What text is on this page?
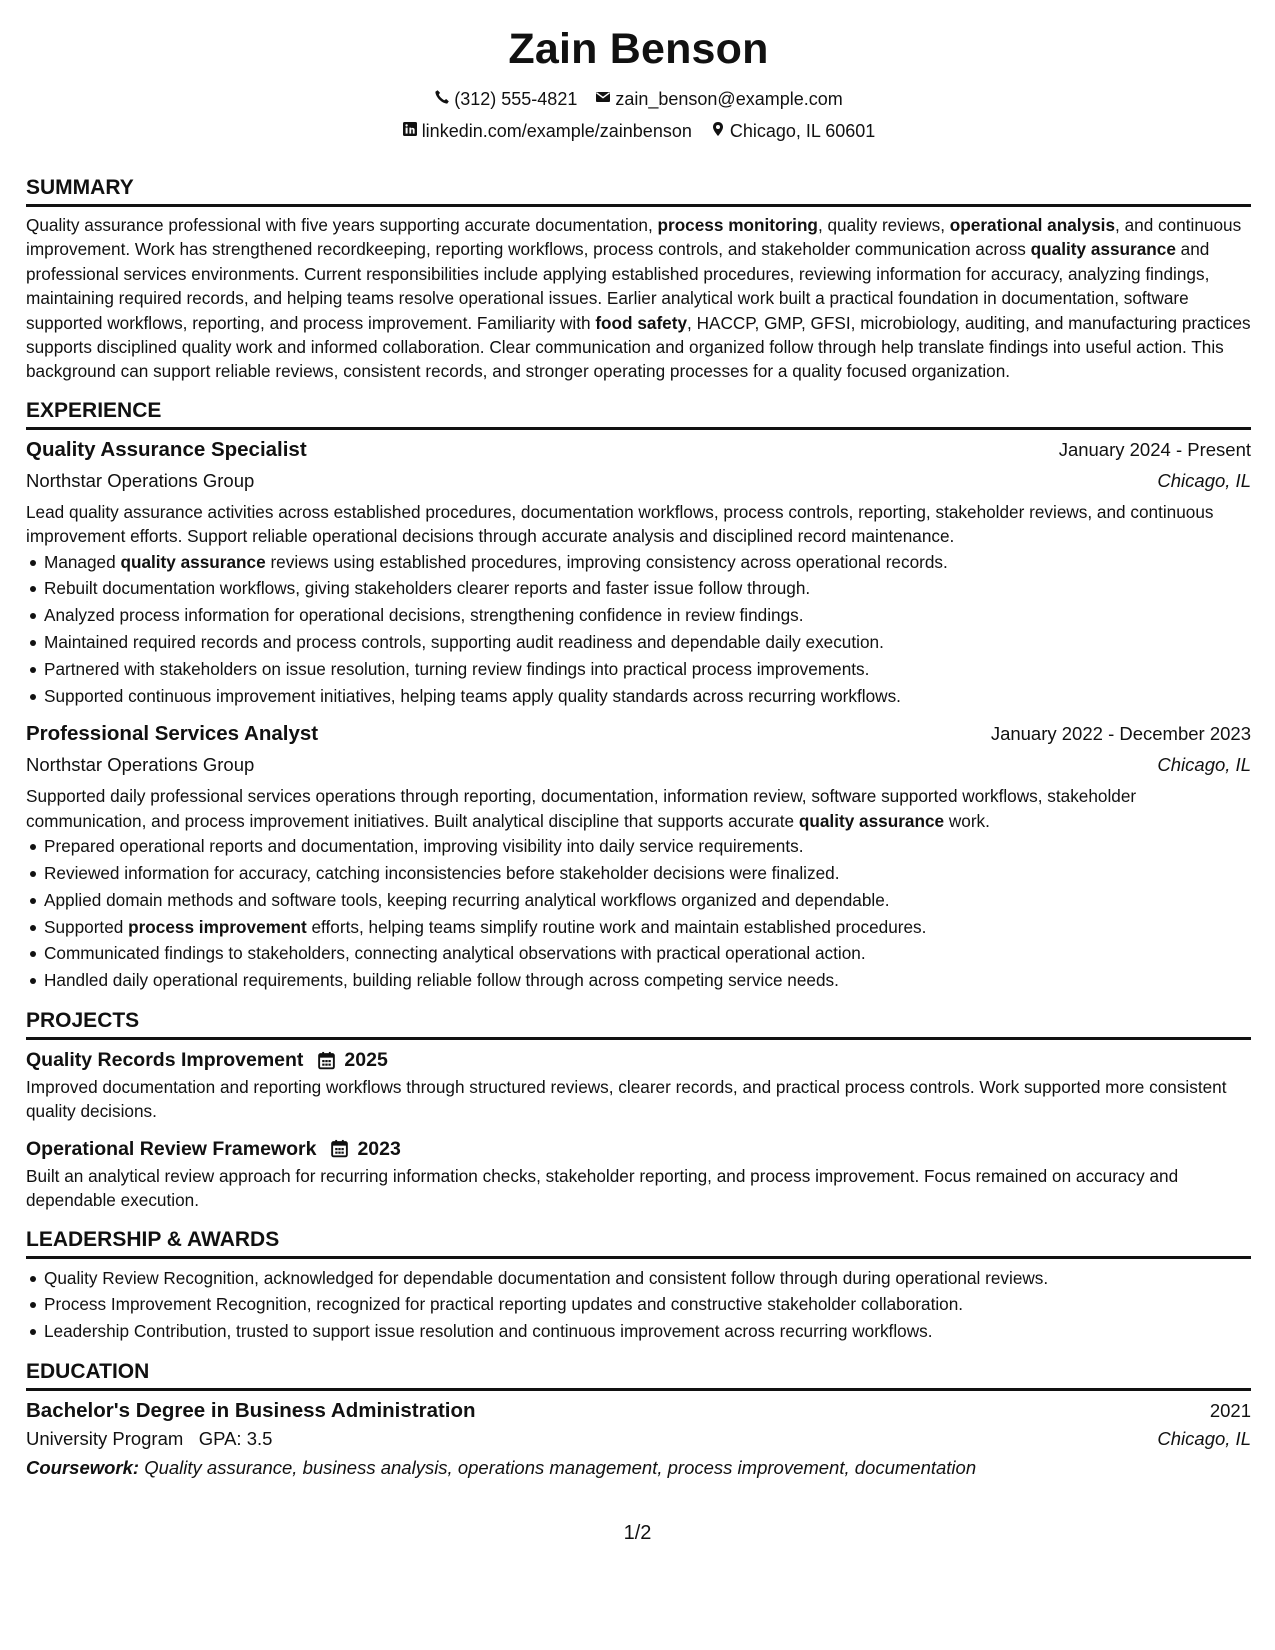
Zain Benson
(312) 555-4821 zain_benson@example.com
linkedin.com/example/zainbenson Chicago, IL 60601
SUMMARY
Quality assurance professional with five years supporting accurate documentation, process monitoring, quality reviews, operational analysis, and continuous improvement. Work has strengthened recordkeeping, reporting workflows, process controls, and stakeholder communication across quality assurance and professional services environments. Current responsibilities include applying established procedures, reviewing information for accuracy, analyzing findings, maintaining required records, and helping teams resolve operational issues. Earlier analytical work built a practical foundation in documentation, software supported workflows, reporting, and process improvement. Familiarity with food safety, HACCP, GMP, GFSI, microbiology, auditing, and manufacturing practices supports disciplined quality work and informed collaboration. Clear communication and organized follow through help translate findings into useful action. This background can support reliable reviews, consistent records, and stronger operating processes for a quality focused organization.
EXPERIENCE
Quality Assurance Specialist	January 2024 - Present
Northstar Operations Group	Chicago, IL
Lead quality assurance activities across established procedures, documentation workflows, process controls, reporting, stakeholder reviews, and continuous improvement efforts. Support reliable operational decisions through accurate analysis and disciplined record maintenance.
Managed quality assurance reviews using established procedures, improving consistency across operational records.
Rebuilt documentation workflows, giving stakeholders clearer reports and faster issue follow through.
Analyzed process information for operational decisions, strengthening confidence in review findings.
Maintained required records and process controls, supporting audit readiness and dependable daily execution.
Partnered with stakeholders on issue resolution, turning review findings into practical process improvements.
Supported continuous improvement initiatives, helping teams apply quality standards across recurring workflows.
Professional Services Analyst	January 2022 - December 2023
Northstar Operations Group	Chicago, IL
Supported daily professional services operations through reporting, documentation, information review, software supported workflows, stakeholder communication, and process improvement initiatives. Built analytical discipline that supports accurate quality assurance work.
Prepared operational reports and documentation, improving visibility into daily service requirements.
Reviewed information for accuracy, catching inconsistencies before stakeholder decisions were finalized.
Applied domain methods and software tools, keeping recurring analytical workflows organized and dependable.
Supported process improvement efforts, helping teams simplify routine work and maintain established procedures.
Communicated findings to stakeholders, connecting analytical observations with practical operational action.
Handled daily operational requirements, building reliable follow through across competing service needs.
PROJECTS
Quality Records Improvement 2025
Improved documentation and reporting workflows through structured reviews, clearer records, and practical process controls. Work supported more consistent quality decisions.
Operational Review Framework 2023
Built an analytical review approach for recurring information checks, stakeholder reporting, and process improvement. Focus remained on accuracy and dependable execution.
LEADERSHIP & AWARDS
Quality Review Recognition, acknowledged for dependable documentation and consistent follow through during operational reviews.
Process Improvement Recognition, recognized for practical reporting updates and constructive stakeholder collaboration.
Leadership Contribution, trusted to support issue resolution and continuous improvement across recurring workflows.
EDUCATION
Bachelor's Degree in Business Administration	2021
University Program GPA: 3.5	Chicago, IL
Coursework: Quality assurance, business analysis, operations management, process improvement, documentation
1/2
